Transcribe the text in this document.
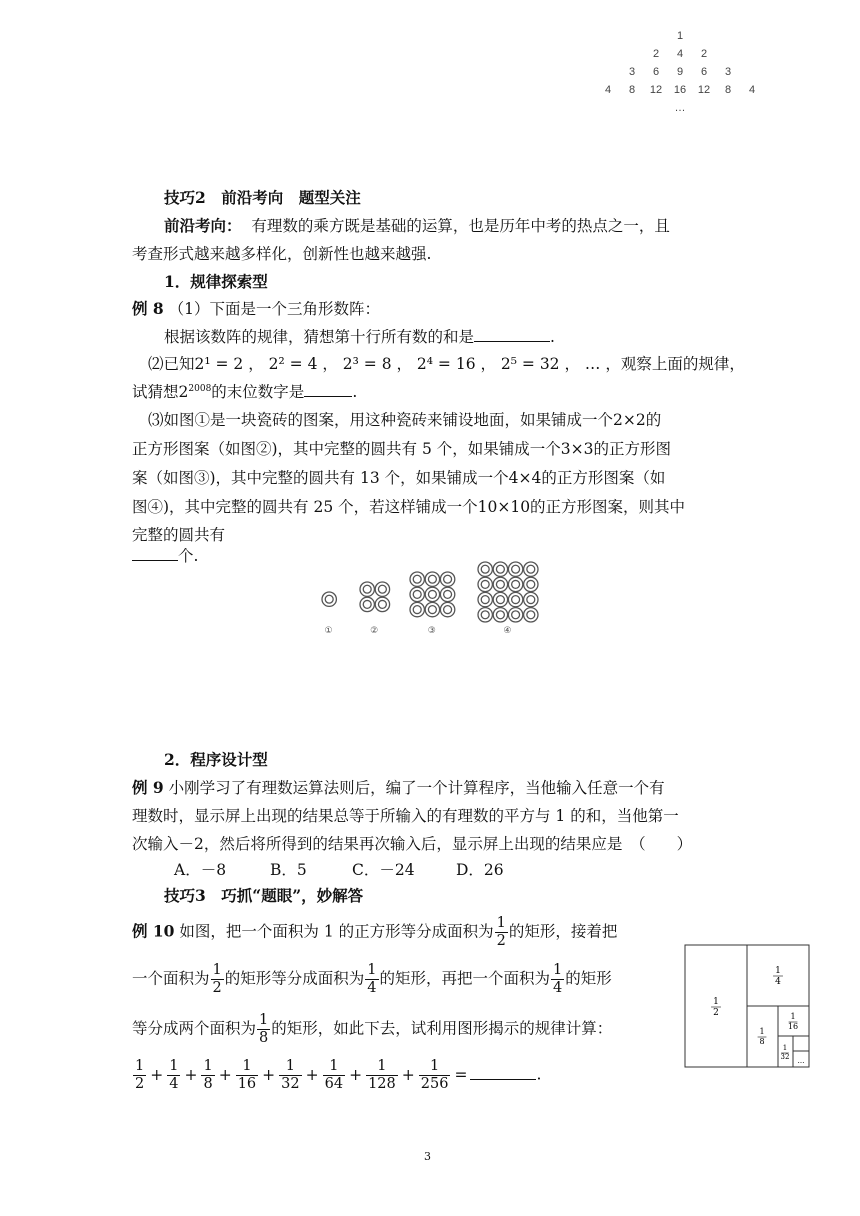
1
2	4	2
3	6	9	6	3
4	8	12 16 12	8	4
…
技巧2　前沿考向　题型关注
前沿考向： 有理数的乘方既是基础的运算，也是历年中考的热点之一，且
考查形式越来越多样化，创新性也越来越强.
1．规律探索型
例 8 （1）下面是一个三角形数阵：
根据该数阵的规律，猜想第十行所有数的和是	.
⑵已知2¹ = 2 ， 2² = 4 ， 2³ = 8 ， 2⁴ = 16 ， 2⁵ = 32 ， … ，观察上面的规律，
试猜想$2^{2008}$的末位数字是	.
⑶如图①是一块瓷砖的图案，用这种瓷砖来铺设地面，如果铺成一个2×2的
正方形图案（如图②)，其中完整的圆共有 5 个，如果铺成一个3×3的正方形图
案（如图③)，其中完整的圆共有 13 个，如果铺成一个4×4的正方形图案（如
图④)，其中完整的圆共有 25 个，若这样铺成一个10×10的正方形图案，则其中
完整的圆共有
个.
①	②	③	④
2．程序设计型
例 9 小刚学习了有理数运算法则后，编了一个计算程序，当他输入任意一个有
理数时，显示屏上出现的结果总等于所输入的有理数的平方与 1 的和，当他第一
次输入－2，然后将所得到的结果再次输入后，显示屏上出现的结果应是　（　　）
A．－8	B．5	C．－24	D．26
技巧3　巧抓“题眼”，妙解答
例 10 如图，把一个面积为 1 的正方形等分成面积为 $\frac{1}{2}$ 的矩形，接着把
一个面积为 $\frac{1}{2}$ 的矩形等分成面积为 $\frac{1}{4}$ 的矩形，再把一个面积为 $\frac{1}{4}$ 的矩形
等分成两个面积为 $\frac{1}{8}$ 的矩形，如此下去，试利用图形揭示的规律计算：
$\frac{1}{2} + \frac{1}{4} + \frac{1}{8} + \frac{1}{16} + \frac{1}{32} + \frac{1}{64} + \frac{1}{128} + \frac{1}{256}$ =	.
1
2
1
4
1
8
1
16
1
32 …
3
